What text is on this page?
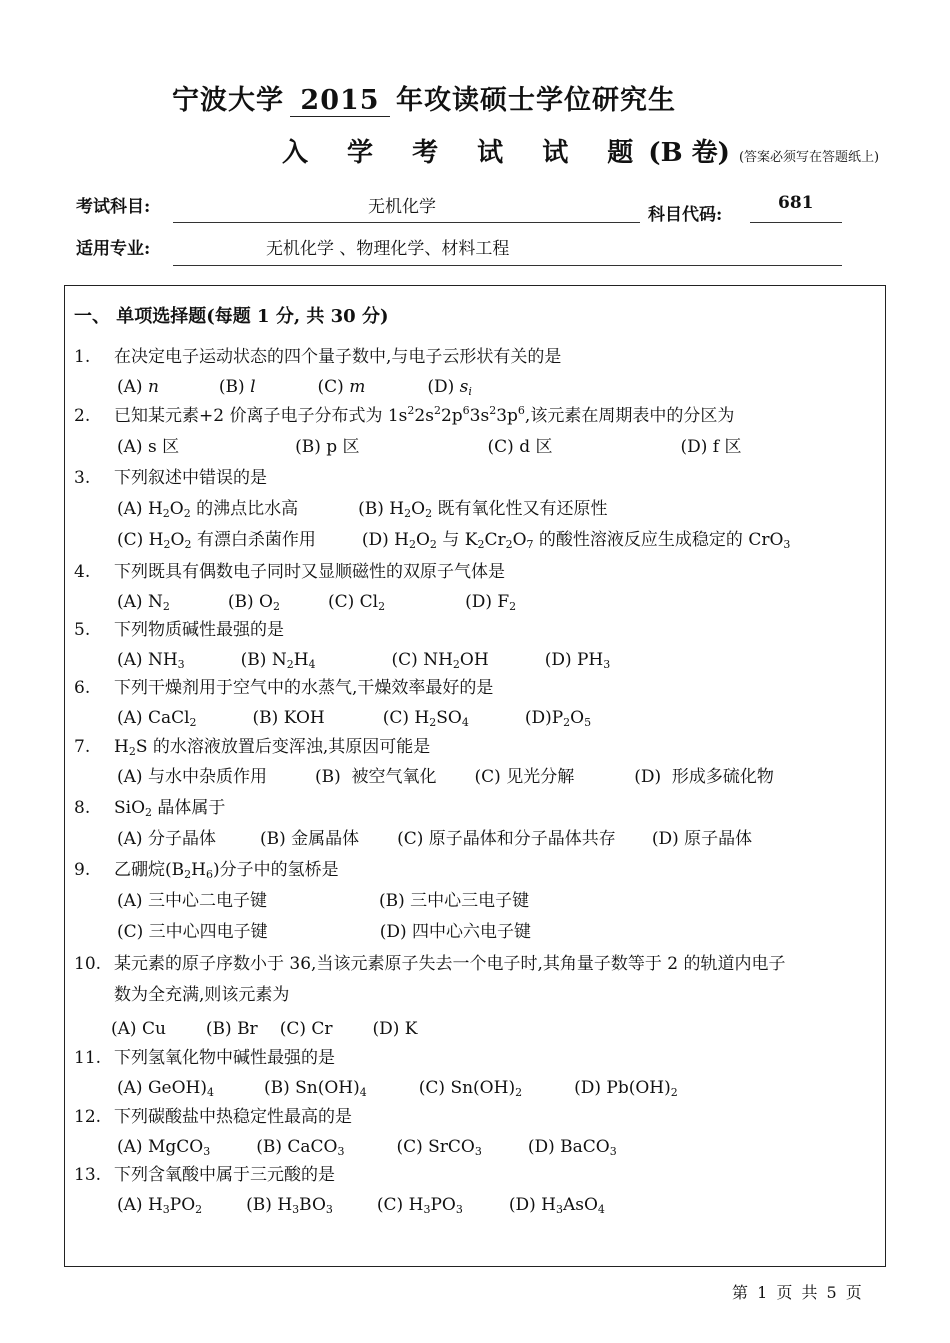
宁波大学 2015 年攻读硕士学位研究生
入 学 考 试 试 题(B 卷) (答案必须写在答题纸上)
考试科目:	无机化学	科目代码:
681
适用专业:	无机化学 、物理化学、材料工程
一、 单项选择题(每题 1 分, 共 30 分)
1. 在决定电子运动状态的四个量子数中,与电子云形状有关的是
(A) n	(B) l	(C) m	(D) $s_i$
2. 已知某元素+2 价离子电子分布式为 $1s^22s^22p^63s^23p^6$,该元素在周期表中的分区为
(A) s 区	(B) p 区	(C) d 区	(D) f 区
3. 下列叙述中错误的是
(A) $H_2O_2$ 的沸点比水高	(B) $H_2O_2$ 既有氧化性又有还原性
(C) $H_2O_2$ 有漂白杀菌作用	(D) $H_2O_2$ 与 $K_2Cr_2O_7$ 的酸性溶液反应生成稳定的 CrO$_3$
4. 下列既具有偶数电子同时又显顺磁性的双原子气体是
(A) $N_2$	(B) $O_2$	(C) $Cl_2$	(D) $F_2$
5. 下列物质碱性最强的是
(A) $NH_3$	(B) $N_2H_4$	(C) $NH_2OH$	(D) $PH_3$
6. 下列干燥剂用于空气中的水蒸气,干燥效率最好的是
(A) CaCl$_2$	(B) KOH	(C) $H_2SO_4$	$(D)P_2O_5$
7. $H_2S$ 的水溶液放置后变浑浊,其原因可能是
(A) 与水中杂质作用	(B)  被空气氧化 (C) 见光分解	(D)  形成多硫化物
8. SiO$_2$ 晶体属于
(A) 分子晶体	(B) 金属晶体 (C) 原子晶体和分子晶体共存 (D) 原子晶体
9. 乙硼烷$(B_2H_6)$分子中的氢桥是
(A) 三中心二电子键	(B) 三中心三电子键
(C) 三中心四电子键	(D) 四中心六电子键
10. 某元素的原子序数小于 36,当该元素原子失去一个电子时,其角量子数等于 2 的轨道内电子
数为全充满,则该元素为
(A) Cu (B) Br (C) Cr (D) K
11. 下列氢氧化物中碱性最强的是
(A) $GeOH)_4$	(B) $Sn(OH)_4$	(C) $Sn(OH)_2$	(D) $Pb(OH)_2$
12. 下列碳酸盐中热稳定性最高的是
(A) MgCO$_3$	(B) CaCO$_3$	(C) SrCO$_3$	(D) BaCO$_3$
13. 下列含氧酸中属于三元酸的是
(A) $H_3PO_2$	(B) $H_3BO_3$	(C) $H_3PO_3$	(D) $H_3AsO_4$
第 1 页 共 5 页
